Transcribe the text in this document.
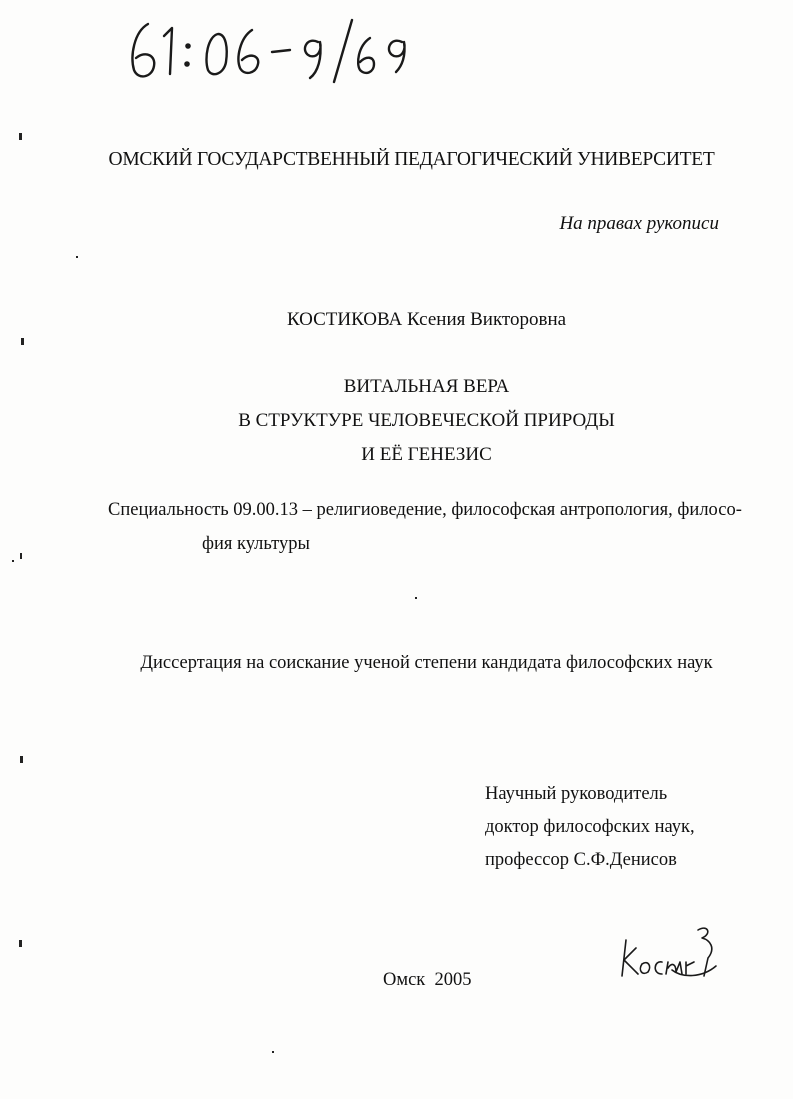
ОМСКИЙ ГОСУДАРСТВЕННЫЙ ПЕДАГОГИЧЕСКИЙ УНИВЕРСИТЕТ
На правах рукописи
КОСТИКОВА Ксения Викторовна
ВИТАЛЬНАЯ ВЕРА
В СТРУКТУРЕ ЧЕЛОВЕЧЕСКОЙ ПРИРОДЫ
И ЕЁ ГЕНЕЗИС
Специальность 09.00.13 – религиоведение, философская антропология, филосо-
фия культуры
Диссертация на соискание ученой степени кандидата философских наук
Научный руководитель
доктор философских наук,
профессор С.Ф.Денисов
Омск  2005
